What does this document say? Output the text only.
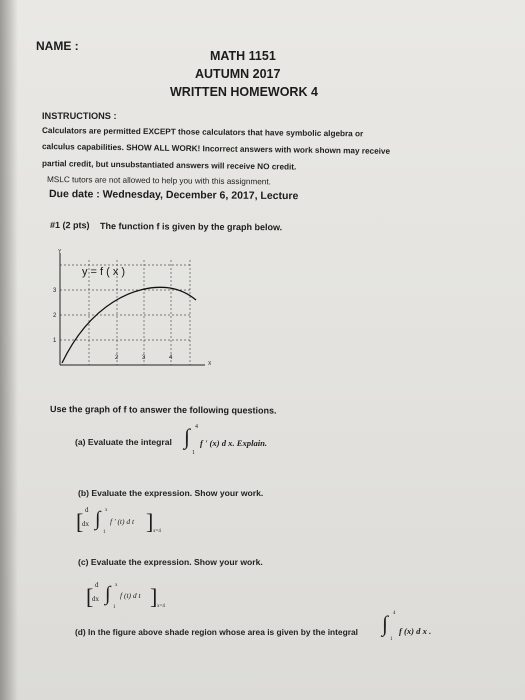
NAME :
MATH 1151
AUTUMN 2017
WRITTEN HOMEWORK 4
INSTRUCTIONS :
Calculators are permitted EXCEPT those calculators that have symbolic algebra or
calculus capabilities. SHOW ALL WORK! Incorrect answers with work shown may receive
partial credit, but unsubstantiated answers will receive NO credit.
MSLC tutors are not allowed to help you with this assignment.
Due date : Wednesday, December 6, 2017, Lecture
#1 (2 pts) The function f is given by the graph below.
Y
X
3
2
1
2	3	4
y = f ( x )
Use the graph of f to answer the following questions.
(a) Evaluate the integral ∫ 4
1
f ' (x) d x. Explain.
(b) Evaluate the expression. Show your work.
[ d
dx ∫ x
1
f ' (t) d t ] x=4
(c) Evaluate the expression. Show your work.
[ d
dx ∫ x
1
f (t) d t ] x=4
(d) In the figure above shade region whose area is given by the integral ∫ 4
1
f (x) d x .
